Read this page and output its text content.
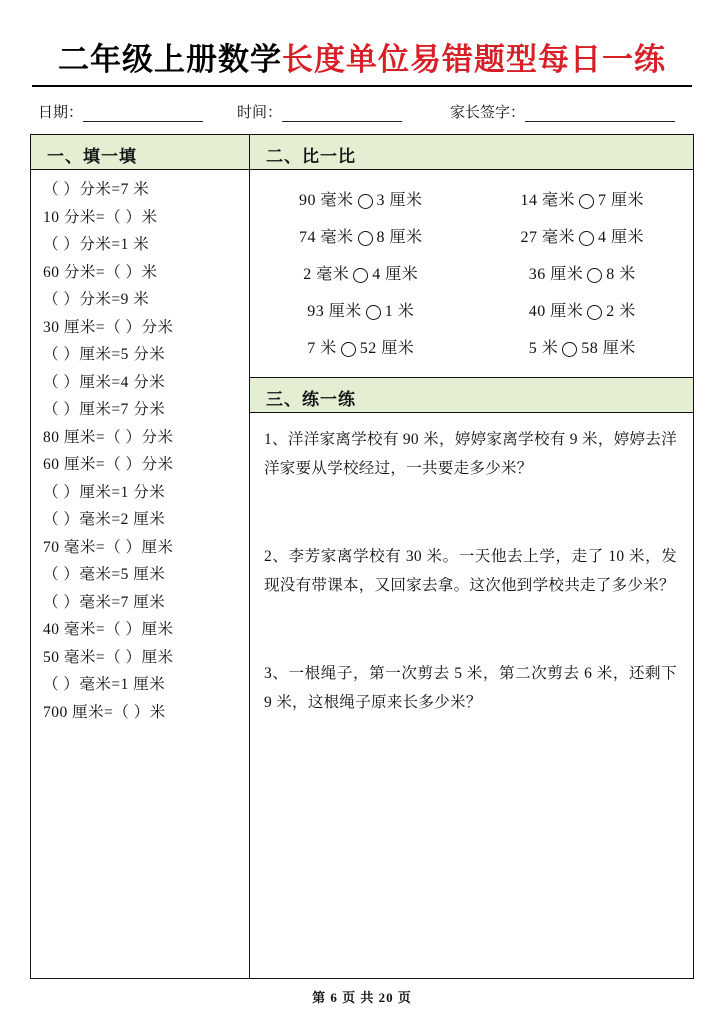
二年级上册数学长度单位易错题型每日一练
日期：	时间：	家长签字：
一、填一填
（ ）分米=7 米
10 分米=（ ）米
（ ）分米=1 米
60 分米=（ ）米
（ ）分米=9 米
30 厘米=（ ）分米
（ ）厘米=5 分米
（ ）厘米=4 分米
（ ）厘米=7 分米
80 厘米=（ ）分米
60 厘米=（ ）分米
（ ）厘米=1 分米
（ ）毫米=2 厘米
70 毫米=（ ）厘米
（ ）毫米=5 厘米
（ ）毫米=7 厘米
40 毫米=（ ）厘米
50 毫米=（ ）厘米
（ ）毫米=1 厘米
700 厘米=（ ）米
二、比一比
90 毫米 3 厘米	14 毫米 7 厘米
74 毫米 8 厘米	27 毫米 4 厘米
2 毫米 4 厘米	36 厘米 8 米
93 厘米 1 米	40 厘米 2 米
7 米 52 厘米	5 米 58 厘米
三、练一练
1、洋洋家离学校有 90 米，婷婷家离学校有 9 米，婷婷去洋洋家要从学校经过，一共要走多少米？
2、李芳家离学校有 30 米。一天他去上学，走了 10 米，发现没有带课本，又回家去拿。这次他到学校共走了多少米？
3、一根绳子，第一次剪去 5 米，第二次剪去 6 米，还剩下 9 米，这根绳子原来长多少米？
第 6 页 共 20 页
